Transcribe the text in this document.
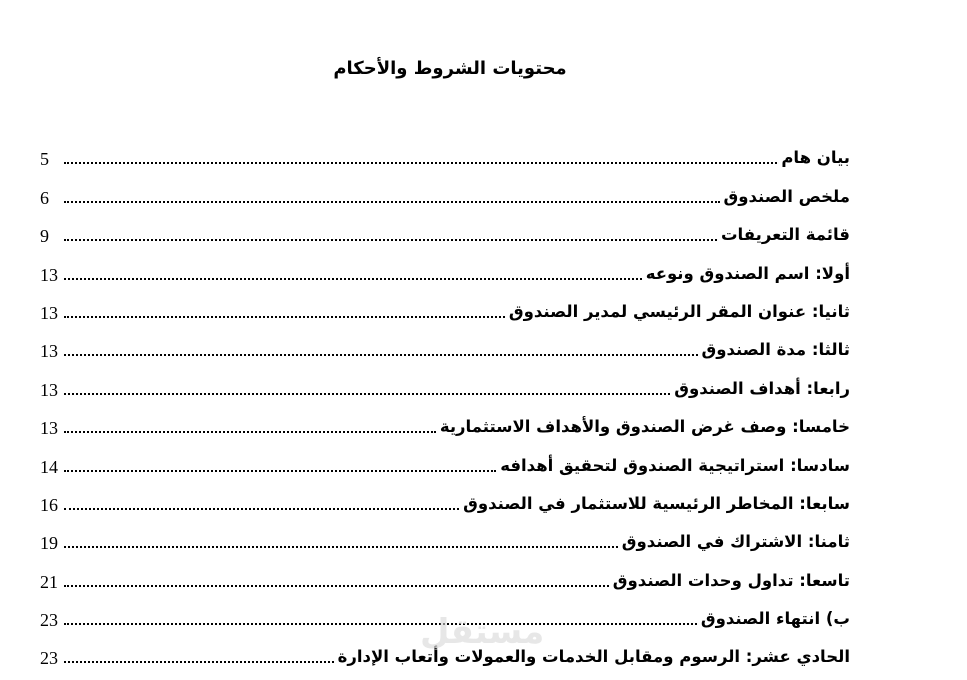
محتويات الشروط والأحكام
بيان هام
5
ملخص الصندوق
6
قائمة التعريفات
9
أولا: اسم الصندوق ونوعه
13
ثانيا: عنوان المقر الرئيسي لمدير الصندوق
13
ثالثا: مدة الصندوق
13
رابعا: أهداف الصندوق
13
خامسا: وصف غرض الصندوق والأهداف الاستثمارية
13
سادسا: استراتيجية الصندوق لتحقيق أهدافه
14
سابعا: المخاطر الرئيسية للاستثمار في الصندوق
16
ثامنا: الاشتراك في الصندوق
19
تاسعا: تداول وحدات الصندوق
21
ب) انتهاء الصندوق
23
الحادي عشر: الرسوم ومقابل الخدمات والعمولات وأتعاب الإدارة
23
مستقل
